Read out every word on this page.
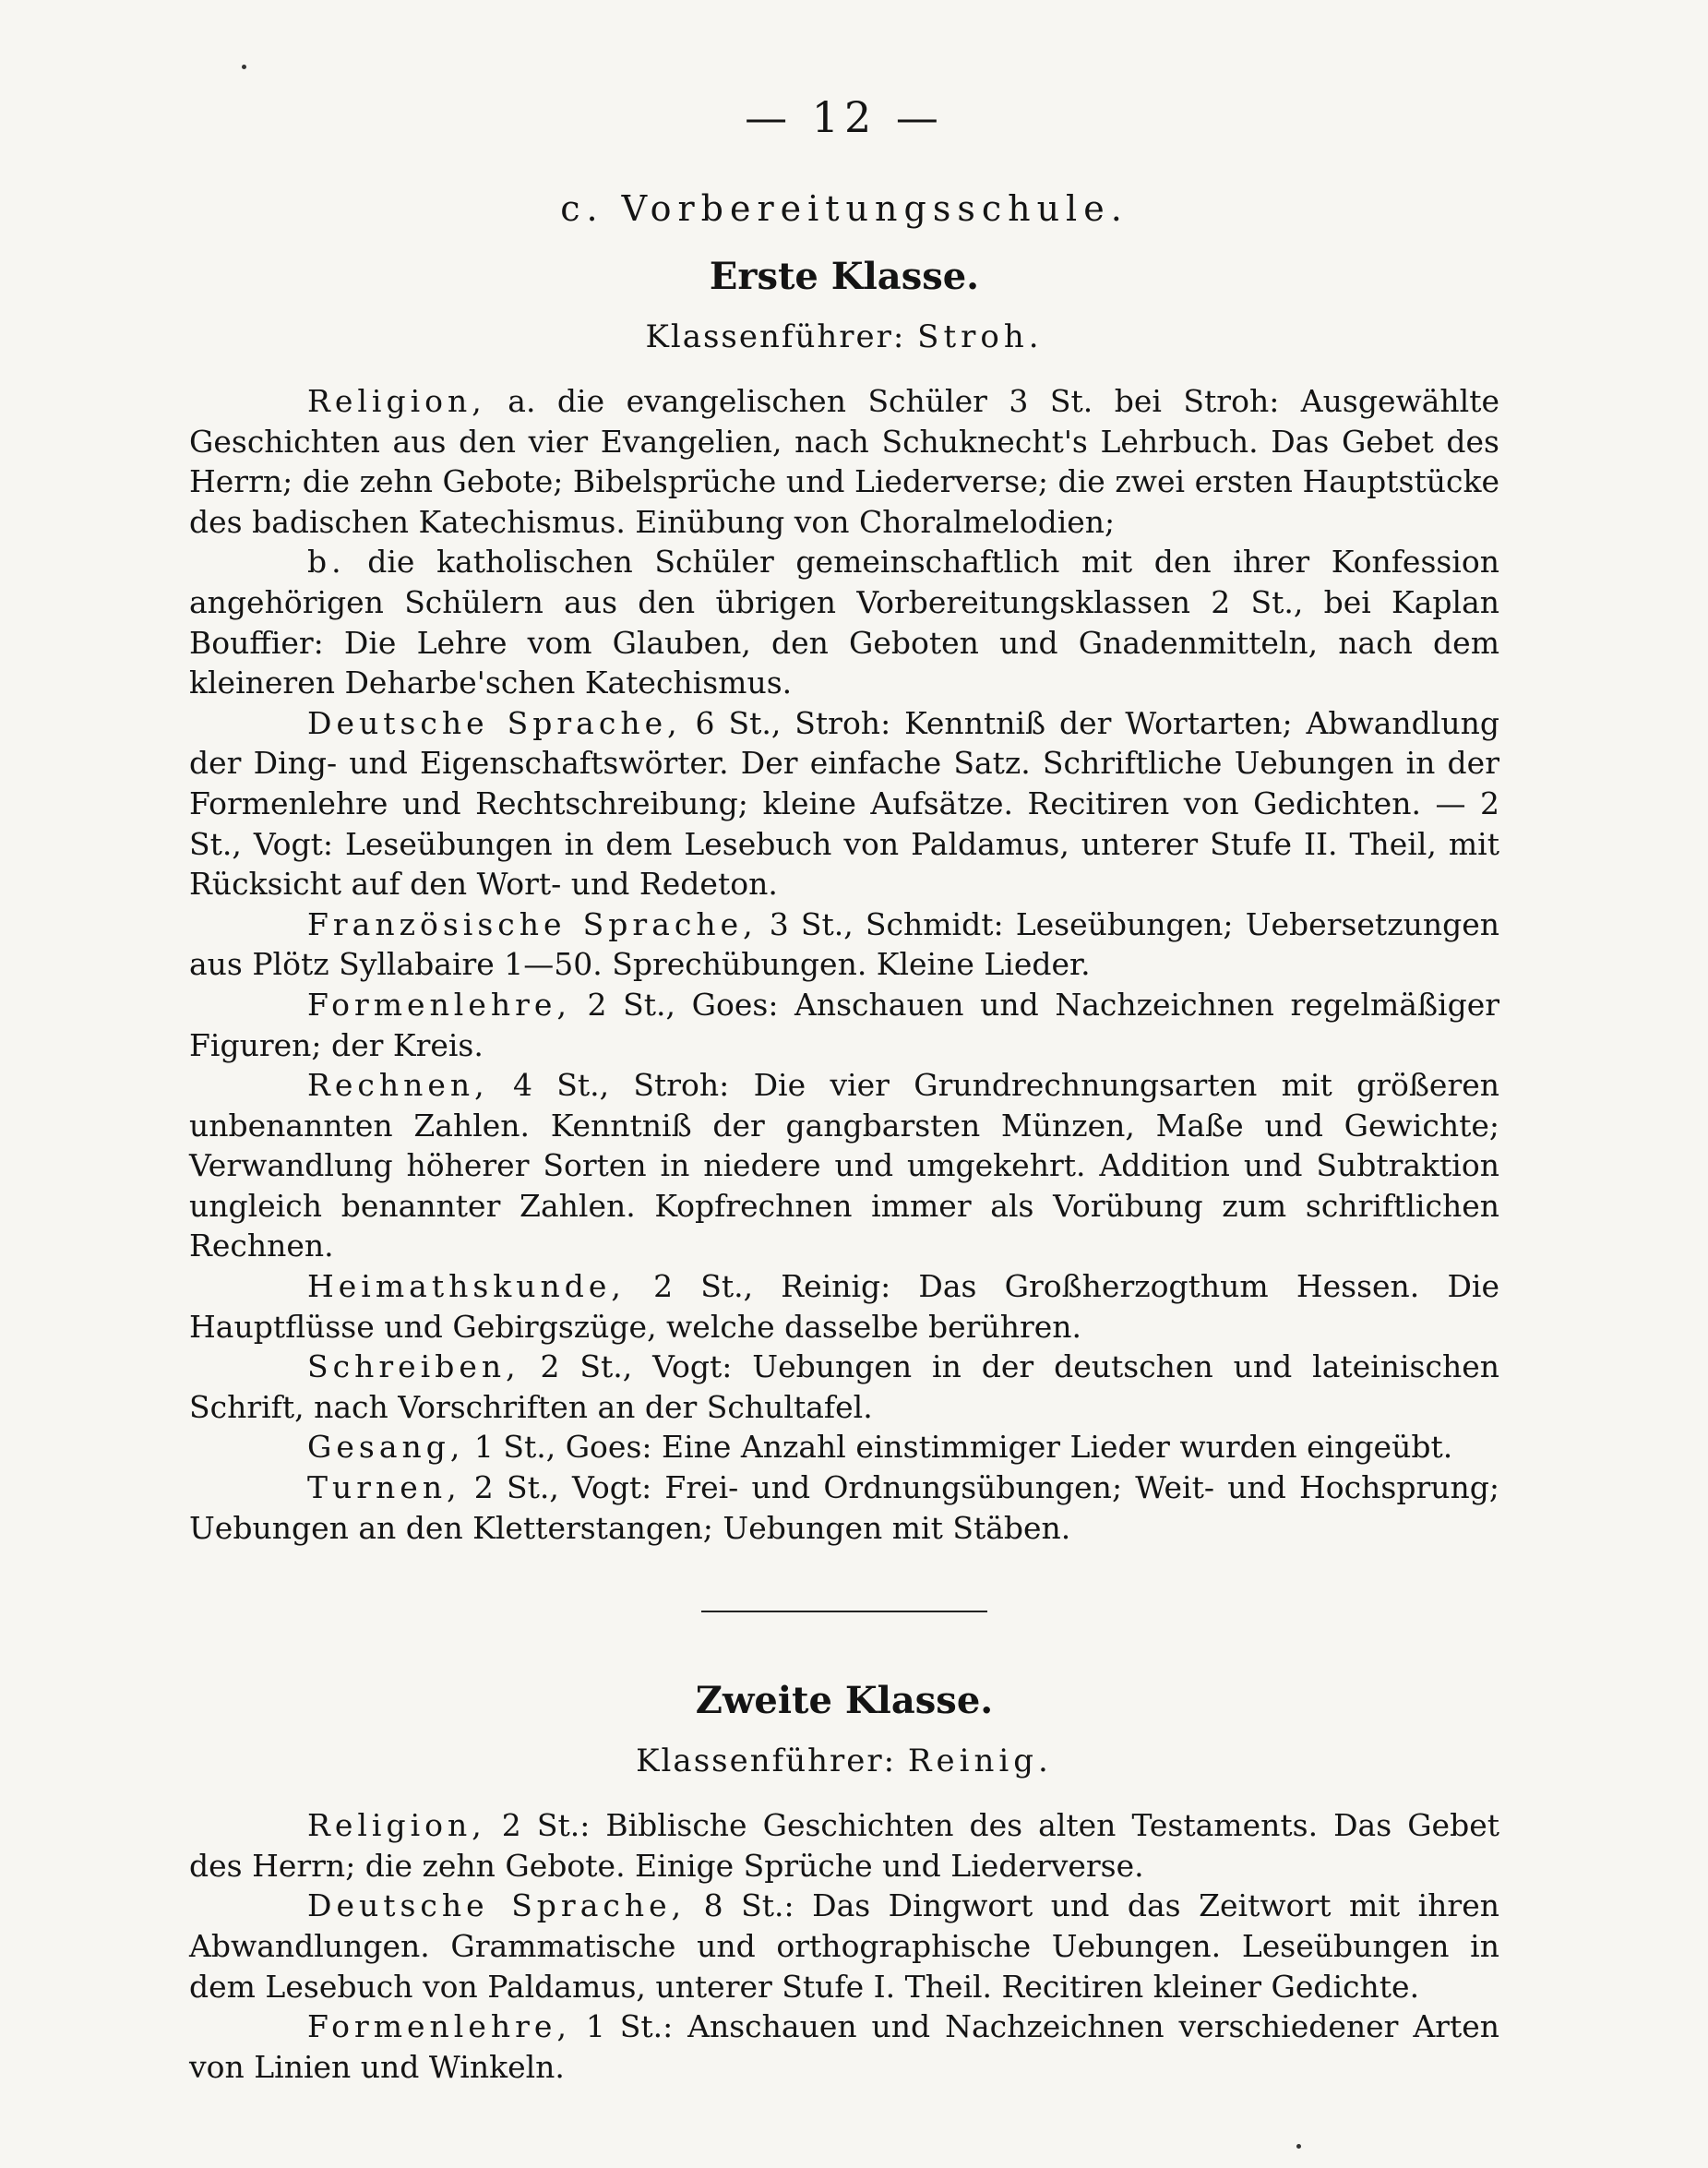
— 12 —
c. Vorbereitungsschule.
Erste Klasse.
Klassenführer: Stroh.

Religion, a. die evangelischen Schüler 3 St. bei Stroh: Ausgewählte Geschichten aus den vier Evangelien, nach Schuknecht's Lehrbuch. Das Gebet des Herrn; die zehn Gebote; Bibelsprüche und Liederverse; die zwei ersten Hauptstücke des badischen Katechismus. Einübung von Choralmelodien;

b. die katholischen Schüler gemeinschaftlich mit den ihrer Konfession angehörigen Schülern aus den übrigen Vorbereitungsklassen 2 St., bei Kaplan Bouffier: Die Lehre vom Glauben, den Geboten und Gnadenmitteln, nach dem kleineren Deharbe'schen Katechismus.

Deutsche Sprache, 6 St., Stroh: Kenntniß der Wortarten; Abwandlung der Ding- und Eigenschaftswörter. Der einfache Satz. Schriftliche Uebungen in der Formenlehre und Rechtschreibung; kleine Aufsätze. Recitiren von Gedichten. — 2 St., Vogt: Leseübungen in dem Lesebuch von Paldamus, unterer Stufe II. Theil, mit Rücksicht auf den Wort- und Redeton.

Französische Sprache, 3 St., Schmidt: Leseübungen; Uebersetzungen aus Plötz Syllabaire 1—50. Sprechübungen. Kleine Lieder.

Formenlehre, 2 St., Goes: Anschauen und Nachzeichnen regelmäßiger Figuren; der Kreis.

Rechnen, 4 St., Stroh: Die vier Grundrechnungsarten mit größeren unbenannten Zahlen. Kenntniß der gangbarsten Münzen, Maße und Gewichte; Verwandlung höherer Sorten in niedere und umgekehrt. Addition und Subtraktion ungleich benannter Zahlen. Kopfrechnen immer als Vorübung zum schriftlichen Rechnen.

Heimathskunde, 2 St., Reinig: Das Großherzogthum Hessen. Die Hauptflüsse und Gebirgszüge, welche dasselbe berühren.

Schreiben, 2 St., Vogt: Uebungen in der deutschen und lateinischen Schrift, nach Vorschriften an der Schultafel.

Gesang, 1 St., Goes: Eine Anzahl einstimmiger Lieder wurden eingeübt.

Turnen, 2 St., Vogt: Frei- und Ordnungsübungen; Weit- und Hochsprung; Uebungen an den Kletterstangen; Uebungen mit Stäben.

Zweite Klasse.
Klassenführer: Reinig.

Religion, 2 St.: Biblische Geschichten des alten Testaments. Das Gebet des Herrn; die zehn Gebote. Einige Sprüche und Liederverse.

Deutsche Sprache, 8 St.: Das Dingwort und das Zeitwort mit ihren Abwandlungen. Grammatische und orthographische Uebungen. Leseübungen in dem Lesebuch von Paldamus, unterer Stufe I. Theil. Recitiren kleiner Gedichte.

Formenlehre, 1 St.: Anschauen und Nachzeichnen verschiedener Arten von Linien und Winkeln.
